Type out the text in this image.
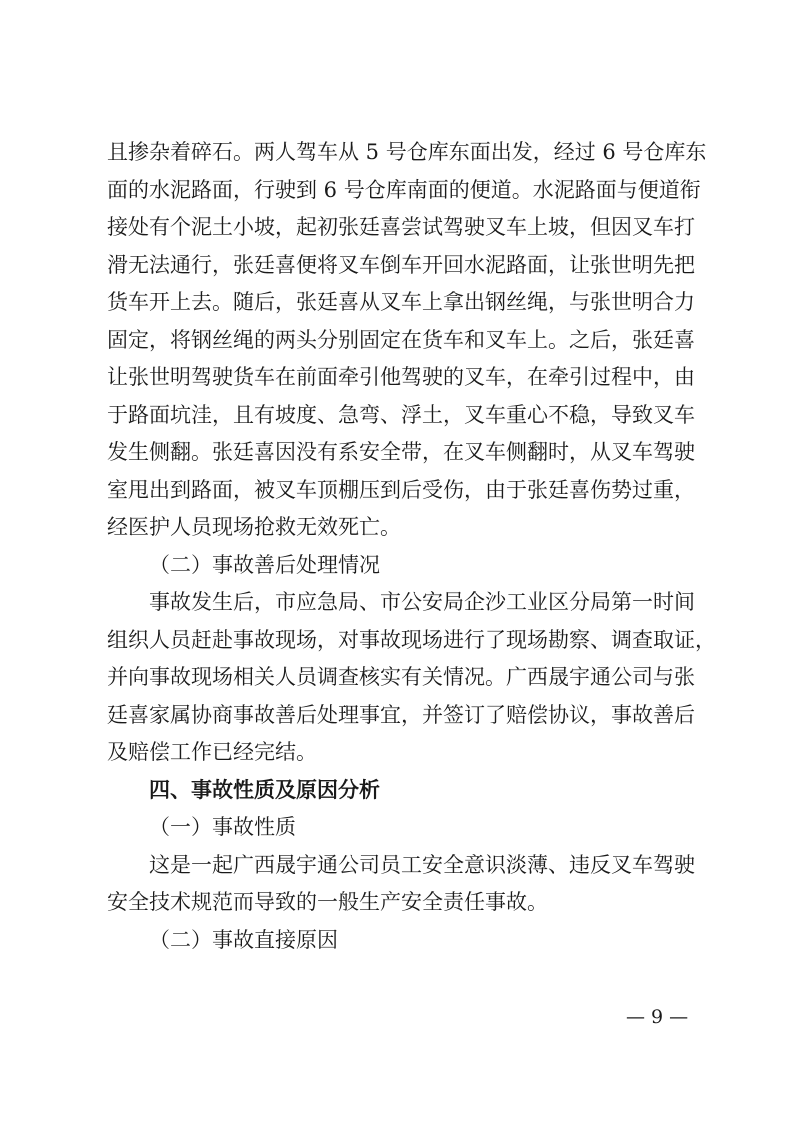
且掺杂着碎石。两人驾车从 5 号仓库东面出发，经过 6 号仓库东
面的水泥路面，行驶到 6 号仓库南面的便道。水泥路面与便道衔
接处有个泥土小坡，起初张廷喜尝试驾驶叉车上坡，但因叉车打
滑无法通行，张廷喜便将叉车倒车开回水泥路面，让张世明先把
货车开上去。随后，张廷喜从叉车上拿出钢丝绳，与张世明合力
固定，将钢丝绳的两头分别固定在货车和叉车上。之后，张廷喜
让张世明驾驶货车在前面牵引他驾驶的叉车，在牵引过程中，由
于路面坑洼，且有坡度、急弯、浮土，叉车重心不稳，导致叉车
发生侧翻。张廷喜因没有系安全带，在叉车侧翻时，从叉车驾驶
室甩出到路面，被叉车顶棚压到后受伤，由于张廷喜伤势过重，
经医护人员现场抢救无效死亡。
（二）事故善后处理情况
事故发生后，市应急局、市公安局企沙工业区分局第一时间
组织人员赶赴事故现场，对事故现场进行了现场勘察、调查取证，
并向事故现场相关人员调查核实有关情况。广西晟宇通公司与张
廷喜家属协商事故善后处理事宜，并签订了赔偿协议，事故善后
及赔偿工作已经完结。
四、事故性质及原因分析
（一）事故性质
这是一起广西晟宇通公司员工安全意识淡薄、违反叉车驾驶
安全技术规范而导致的一般生产安全责任事故。
（二）事故直接原因
— 9 —
